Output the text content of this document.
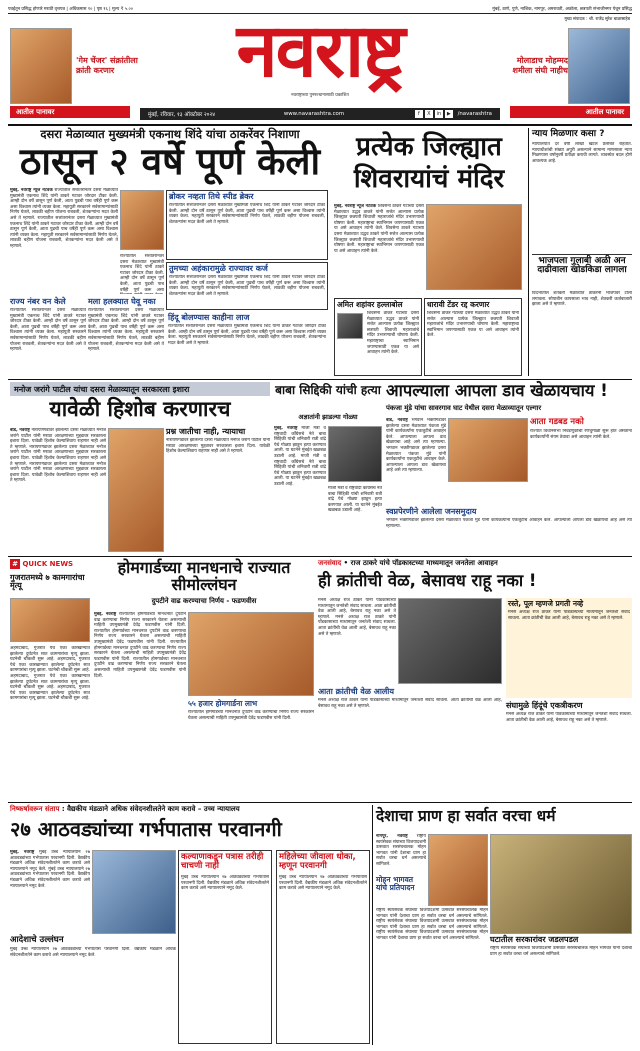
पवईतून प्रसिद्ध होणारे मराठी वृत्तपत्र | अधिकमास १० | पृष्ठ १६ | मूल्य ₹ ५.००	मुंबई, ठाणे, पुणे, नाशिक, नागपूर, अमरावती, अकोला, छत्रपती संभाजीनगर येथून प्रसिद्ध
मुख्य संपादक : श्री. राजेंद्र सुरेश बाळासाहेब
'गेम चेंजर' संक्रांतीला क्रांती करणार	नवराष्ट्र
नवराष्ट्राच्या पुनरुत्थानासाठी प्रकाशित
मोलाडाच मोहम्मद शमीला संघी नाहीच
आतील पानावर	मुंबई, रविवार, १३ ऑक्टोबर २०२४	www.navarashtra.com	f X in ▶ /navarashtra	आतील पानावर
दसरा मेळाव्यात मुख्यमंत्री एकनाथ शिंदे यांचा ठाकरेंवर निशाणा
ठासून २ वर्षे पूर्ण केली
मुंबई, नवराष्ट्र न्यूज नेटवर्क राज्यातील सत्तांतरानंतर दसरा मेळाव्यात मुख्यमंत्री एकनाथ शिंदे यांनी ठाकरे गटावर जोरदार टीका केली. आम्ही दोन वर्षे ठासून पूर्ण केली, आता पुढची पाच वर्षेही पूर्ण करू असा विश्वास त्यांनी व्यक्त केला. महायुती सरकारने सर्वसामान्यांसाठी निर्णय घेतले, लाडकी बहीण योजना राबवली, शेतकऱ्यांना मदत केली असे ते म्हणाले. राज्यातील सत्तांतरानंतर दसरा मेळाव्यात मुख्यमंत्री एकनाथ शिंदे यांनी ठाकरे गटावर जोरदार टीका केली. आम्ही दोन वर्षे ठासून पूर्ण केली, आता पुढची पाच वर्षेही पूर्ण करू असा विश्वास त्यांनी व्यक्त केला. महायुती सरकारने सर्वसामान्यांसाठी निर्णय घेतले, लाडकी बहीण योजना राबवली, शेतकऱ्यांना मदत केली असे ते म्हणाले.
राज्यातील सत्तांतरानंतर दसरा मेळाव्यात मुख्यमंत्री एकनाथ शिंदे यांनी ठाकरे गटावर जोरदार टीका केली. आम्ही दोन वर्षे ठासून पूर्ण केली, आता पुढची पाच वर्षेही पूर्ण करू असा
ब्रोकर नव्हता तिथे स्पीड ब्रेकर
राज्यातील सत्तांतरानंतर दसरा मेळाव्यात मुख्यमंत्री एकनाथ शिंदे यांनी ठाकरे गटावर जोरदार टीका केली. आम्ही दोन वर्षे ठासून पूर्ण केली, आता पुढची पाच वर्षेही पूर्ण करू असा विश्वास त्यांनी व्यक्त केला. महायुती सरकारने सर्वसामान्यांसाठी निर्णय घेतले, लाडकी बहीण योजना राबवली, शेतकऱ्यांना मदत केली असे ते म्हणाले.
तुमच्या अहंकारामुळे राज्यावर कर्ज
राज्यातील सत्तांतरानंतर दसरा मेळाव्यात मुख्यमंत्री एकनाथ शिंदे यांनी ठाकरे गटावर जोरदार टीका केली. आम्ही दोन वर्षे ठासून पूर्ण केली, आता पुढची पाच वर्षेही पूर्ण करू असा विश्वास त्यांनी व्यक्त केला. महायुती सरकारने सर्वसामान्यांसाठी निर्णय घेतले, लाडकी बहीण योजना राबवली, शेतकऱ्यांना मदत केली असे ते म्हणाले.
हिंदू बोलण्यास काहीना लाज
राज्यातील सत्तांतरानंतर दसरा मेळाव्यात मुख्यमंत्री एकनाथ शिंदे यांनी ठाकरे गटावर जोरदार टीका केली. आम्ही दोन वर्षे ठासून पूर्ण केली, आता पुढची पाच वर्षेही पूर्ण करू असा विश्वास त्यांनी व्यक्त केला. महायुती सरकारने सर्वसामान्यांसाठी निर्णय घेतले, लाडकी बहीण योजना राबवली, शेतकऱ्यांना मदत केली असे ते म्हणाले.
राज्य नंबर वन केले
राज्यातील सत्तांतरानंतर दसरा मेळाव्यात मुख्यमंत्री एकनाथ शिंदे यांनी ठाकरे गटावर जोरदार टीका केली. आम्ही दोन वर्षे ठासून पूर्ण केली, आता पुढची पाच वर्षेही पूर्ण करू असा विश्वास त्यांनी व्यक्त केला. महायुती सरकारने सर्वसामान्यांसाठी निर्णय घेतले, लाडकी बहीण योजना राबवली, शेतकऱ्यांना मदत केली असे ते म्हणाले.
मला हलक्यात घेवू नका
राज्यातील सत्तांतरानंतर दसरा मेळाव्यात मुख्यमंत्री एकनाथ शिंदे यांनी ठाकरे गटावर जोरदार टीका केली. आम्ही दोन वर्षे ठासून पूर्ण केली, आता पुढची पाच वर्षेही पूर्ण करू असा विश्वास त्यांनी व्यक्त केला. महायुती सरकारने सर्वसामान्यांसाठी निर्णय घेतले, लाडकी बहीण योजना राबवली, शेतकऱ्यांना मदत केली असे ते म्हणाले.
प्रत्येक जिल्ह्यात
शिवरायांचं मंदिर
मुंबई, नवराष्ट्र न्यूज नेटवर्क शिवसेना ठाकरे गटाच्या दसरा मेळाव्यात उद्धव ठाकरे यांनी सत्तेत आल्यास प्रत्येक जिल्ह्यात छत्रपती शिवाजी महाराजांचे मंदिर उभारण्याची घोषणा केली. महाराष्ट्राचा स्वाभिमान जपण्यासाठी एकत्र या असे आवाहन त्यांनी केले. शिवसेना ठाकरे गटाच्या दसरा मेळाव्यात उद्धव ठाकरे यांनी सत्तेत आल्यास प्रत्येक जिल्ह्यात छत्रपती शिवाजी महाराजांचे मंदिर उभारण्याची घोषणा केली. महाराष्ट्राचा स्वाभिमान जपण्यासाठी एकत्र या असे आवाहन त्यांनी केले.
अमित शहांवर हल्लाबोल
शिवसेना ठाकरे गटाच्या दसरा मेळाव्यात उद्धव ठाकरे यांनी सत्तेत आल्यास प्रत्येक जिल्ह्यात छत्रपती शिवाजी महाराजांचे मंदिर उभारण्याची घोषणा केली. महाराष्ट्राचा स्वाभिमान जपण्यासाठी एकत्र या असे आवाहन त्यांनी केले.
धारावी टेंडर रद्द करणार
शिवसेना ठाकरे गटाच्या दसरा मेळाव्यात उद्धव ठाकरे यांनी सत्तेत आल्यास प्रत्येक जिल्ह्यात छत्रपती शिवाजी महाराजांचे मंदिर उभारण्याची घोषणा केली. महाराष्ट्राचा स्वाभिमान जपण्यासाठी एकत्र या असे आवाहन त्यांनी केले.
न्याय मिळणार कसा ?
न्यायालयात दर वर्षी लाखो खटले प्रलंबित राहतात. न्यायाधीशांची संख्या अपुरी असल्याने सामान्य माणसाला न्याय मिळण्यास वर्षानुवर्षे प्रतीक्षा करावी लागते. व्यवस्थेत बदल होणे आवश्यक आहे.
भाजपला गुलाबी अळी अन दाढीवाला खोडकिडा लागला
विदर्भातील शेतकरी मेळाव्यात ठाकरेंनी भाजपवर टोला लगावला. सोयाबीन कापसाला भाव नाही, शेतकरी कर्जबाजारी झाला असे ते म्हणाले.
मनोज जरांगे पाटील यांचा दसरा मेळाव्यातून सरकारला इशारा
यावेळी हिशोब करणारच
बीड, नवराष्ट्र नारायणगडावर झालेल्या दसरा मेळाव्यात मनोज जरांगे पाटील यांनी मराठा आरक्षणाच्या मुद्द्यावर सरकारला इशारा दिला. यावेळी हिशोब केल्याशिवाय राहणार नाही असे ते म्हणाले. नारायणगडावर झालेल्या दसरा मेळाव्यात मनोज जरांगे पाटील यांनी मराठा आरक्षणाच्या मुद्द्यावर सरकारला इशारा दिला. यावेळी हिशोब केल्याशिवाय राहणार नाही असे ते म्हणाले. नारायणगडावर झालेल्या दसरा मेळाव्यात मनोज जरांगे पाटील यांनी मराठा आरक्षणाच्या मुद्द्यावर सरकारला इशारा दिला. यावेळी हिशोब केल्याशिवाय राहणार नाही असे ते म्हणाले.
प्रश्न जातीचा नाही, न्यायाचा
नारायणगडावर झालेल्या दसरा मेळाव्यात मनोज जरांगे पाटील यांनी मराठा आरक्षणाच्या मुद्द्यावर सरकारला इशारा दिला. यावेळी हिशोब केल्याशिवाय राहणार नाही असे ते म्हणाले.
बाबा सिद्दिकी यांची हत्या
अज्ञातांनी झाडल्या गोळ्या
मुंबई, नवराष्ट्र माजी मंत्री व राष्ट्रवादी काँग्रेसचे नेते बाबा सिद्दिकी यांची शनिवारी रात्री वांद्रे येथे गोळ्या झाडून हत्या करण्यात आली. या घटनेने मुंबईत खळबळ उडाली आहे. माजी मंत्री व राष्ट्रवादी काँग्रेसचे नेते बाबा सिद्दिकी यांची शनिवारी रात्री वांद्रे येथे गोळ्या झाडून हत्या करण्यात आली. या घटनेने मुंबईत खळबळ उडाली आहे.
माजी मंत्री व राष्ट्रवादी काँग्रेसचे नेते बाबा सिद्दिकी यांची शनिवारी रात्री वांद्रे येथे गोळ्या झाडून हत्या करण्यात आली. या घटनेने मुंबईत खळबळ उडाली आहे.
आपल्याला आपला डाव खेळायचाय !
पंकजा मुंडे यांचा सावरगाव घाट येथील दसरा मेळाव्यातून एल्गार
बीड, नवराष्ट्र भगवान भक्तीगडावर झालेल्या दसरा मेळाव्यात पंकजा मुंडे यांनी कार्यकर्त्यांना एकजुटीचे आवाहन केले. आपल्याला आपला डाव खेळायचा आहे असे त्या म्हणाल्या. भगवान भक्तीगडावर झालेल्या दसरा मेळाव्यात पंकजा मुंडे यांनी कार्यकर्त्यांना एकजुटीचे आवाहन केले. आपल्याला आपला डाव खेळायचा आहे असे त्या म्हणाल्या.
आता गडबड नको
राज्यात विधानसभा निवडणुकीची रणधुमाळी सुरू होत असताना कार्यकर्त्यांनी संयम ठेवावा असे आवाहन त्यांनी केले.
स्वप्नपेरणीने आलेला जनसमुदाय
भगवान भक्तीगडावर झालेल्या दसरा मेळाव्यात पंकजा मुंडे यांनी कार्यकर्त्यांना एकजुटीचे आवाहन केले. आपल्याला आपला डाव खेळायचा आहे असे त्या म्हणाल्या.
# QUICK NEWS
गुजरातमध्ये ७ कामगारांचा मृत्यू
अहमदाबाद, गुजरात येथे एका कारखान्यात झालेल्या दुर्घटनेत सात कामगारांचा मृत्यू झाला. घटनेची चौकशी सुरू आहे. अहमदाबाद, गुजरात येथे एका कारखान्यात झालेल्या दुर्घटनेत सात कामगारांचा मृत्यू झाला. घटनेची चौकशी सुरू आहे. अहमदाबाद, गुजरात येथे एका कारखान्यात झालेल्या दुर्घटनेत सात कामगारांचा मृत्यू झाला. घटनेची चौकशी सुरू आहे. अहमदाबाद, गुजरात येथे एका कारखान्यात झालेल्या दुर्घटनेत सात कामगारांचा मृत्यू झाला. घटनेची चौकशी सुरू आहे.
होमगार्डच्या मानधनाचे राज्यात सीमोल्लंघन
दुपटीने वाढ करण्याचा निर्णय - फडणवीस
मुंबई, नवराष्ट्र राज्यातील होमगार्डच्या मानधनात दुपटीने वाढ करण्याचा निर्णय राज्य सरकारने घेतला असल्याची माहिती उपमुख्यमंत्री देवेंद्र फडणवीस यांनी दिली. राज्यातील होमगार्डच्या मानधनात दुपटीने वाढ करण्याचा निर्णय राज्य सरकारने घेतला असल्याची माहिती उपमुख्यमंत्री देवेंद्र फडणवीस यांनी दिली. राज्यातील होमगार्डच्या मानधनात दुपटीने वाढ करण्याचा निर्णय राज्य सरकारने घेतला असल्याची माहिती उपमुख्यमंत्री देवेंद्र फडणवीस यांनी दिली. राज्यातील होमगार्डच्या मानधनात दुपटीने वाढ करण्याचा निर्णय राज्य सरकारने घेतला असल्याची माहिती उपमुख्यमंत्री देवेंद्र फडणवीस यांनी दिली.
५५ हजार होमगार्डना लाभ
राज्यातील होमगार्डच्या मानधनात दुपटीने वाढ करण्याचा निर्णय राज्य सरकारने घेतला असल्याची माहिती उपमुख्यमंत्री देवेंद्र फडणवीस यांनी दिली.
जनसंवाद • राज ठाकरे यांचे पॉडकास्टच्या माध्यमातून जनतेला आवाहन
ही क्रांतीची वेळ, बेसावध राहू नका !
मनसे अध्यक्ष राज ठाकरे यांनी पॉडकास्टच्या माध्यमातून जनतेशी संवाद साधला. आता क्रांतीची वेळ आली आहे, बेसावध राहू नका असे ते म्हणाले. मनसे अध्यक्ष राज ठाकरे यांनी पॉडकास्टच्या माध्यमातून जनतेशी संवाद साधला. आता क्रांतीची वेळ आली आहे, बेसावध राहू नका असे ते म्हणाले.
रस्ते, पूल म्हणजे प्रगती नव्हे
मनसे अध्यक्ष राज ठाकरे यांनी पॉडकास्टच्या माध्यमातून जनतेशी संवाद साधला. आता क्रांतीची वेळ आली आहे, बेसावध राहू नका असे ते म्हणाले.
आता क्रांतीची वेळ आलीय
मनसे अध्यक्ष राज ठाकरे यांनी पॉडकास्टच्या माध्यमातून जनतेशी संवाद साधला. आता क्रांतीची वेळ आली आहे, बेसावध राहू नका असे ते म्हणाले.	संघामुळे हिंदूंचे एकत्रीकरण
मनसे अध्यक्ष राज ठाकरे यांनी पॉडकास्टच्या माध्यमातून जनतेशी संवाद साधला. आता क्रांतीची वेळ आली आहे, बेसावध राहू नका असे ते म्हणाले.
निष्कर्षावरून संताप : वैद्यकीय मंडळाने अधिक संवेदनशीलतेने काम करावे – उच्च न्यायालय
२७ आठवड्यांच्या गर्भपातास परवानगी
मुंबई, नवराष्ट्र मुंबई उच्च न्यायालयाने २७ आठवड्यांच्या गर्भपातास परवानगी दिली. वैद्यकीय मंडळाने अधिक संवेदनशीलतेने काम करावे असे न्यायालयाने नमूद केले. मुंबई उच्च न्यायालयाने २७ आठवड्यांच्या गर्भपातास परवानगी दिली. वैद्यकीय मंडळाने अधिक संवेदनशीलतेने काम करावे असे न्यायालयाने नमूद केले.
आदेशाचे उल्लंघन
मुंबई उच्च न्यायालयाने २७ आठवड्यांच्या गर्भपातास परवानगी दिली. वैद्यकीय मंडळाने अधिक संवेदनशीलतेने काम करावे असे न्यायालयाने नमूद केले.
कल्याणाकडून पत्रास तरीही चाचणी नाही
मुंबई उच्च न्यायालयाने २७ आठवड्यांच्या गर्भपातास परवानगी दिली. वैद्यकीय मंडळाने अधिक संवेदनशीलतेने काम करावे असे न्यायालयाने नमूद केले.
महिलेच्या जीवाला धोका, म्हणून परवानगी
मुंबई उच्च न्यायालयाने २७ आठवड्यांच्या गर्भपातास परवानगी दिली. वैद्यकीय मंडळाने अधिक संवेदनशीलतेने काम करावे असे न्यायालयाने नमूद केले.
देशाचा प्राण हा सर्वात वरचा धर्म
नागपूर, नवराष्ट्र राष्ट्रीय स्वयंसेवक संघाच्या विजयादशमी उत्सवात सरसंघचालक मोहन भागवत यांनी देशाचा प्राण हा सर्वात वरचा धर्म असल्याचे सांगितले.
मोहन भागवत यांचे प्रतिपादन
राष्ट्रीय स्वयंसेवक संघाच्या विजयादशमी उत्सवात सरसंघचालक मोहन भागवत यांनी देशाचा प्राण हा सर्वात वरचा धर्म असल्याचे सांगितले. राष्ट्रीय स्वयंसेवक संघाच्या विजयादशमी उत्सवात सरसंघचालक मोहन भागवत यांनी देशाचा प्राण हा सर्वात वरचा धर्म असल्याचे सांगितले. राष्ट्रीय स्वयंसेवक संघाच्या विजयादशमी उत्सवात सरसंघचालक मोहन भागवत यांनी देशाचा प्राण हा सर्वात वरचा धर्म असल्याचे सांगितले.	घटातील सरकारांवर जडलपडल
राष्ट्रीय स्वयंसेवक संघाच्या विजयादशमी उत्सवात सरसंघचालक मोहन भागवत यांनी देशाचा प्राण हा सर्वात वरचा धर्म असल्याचे सांगितले.
